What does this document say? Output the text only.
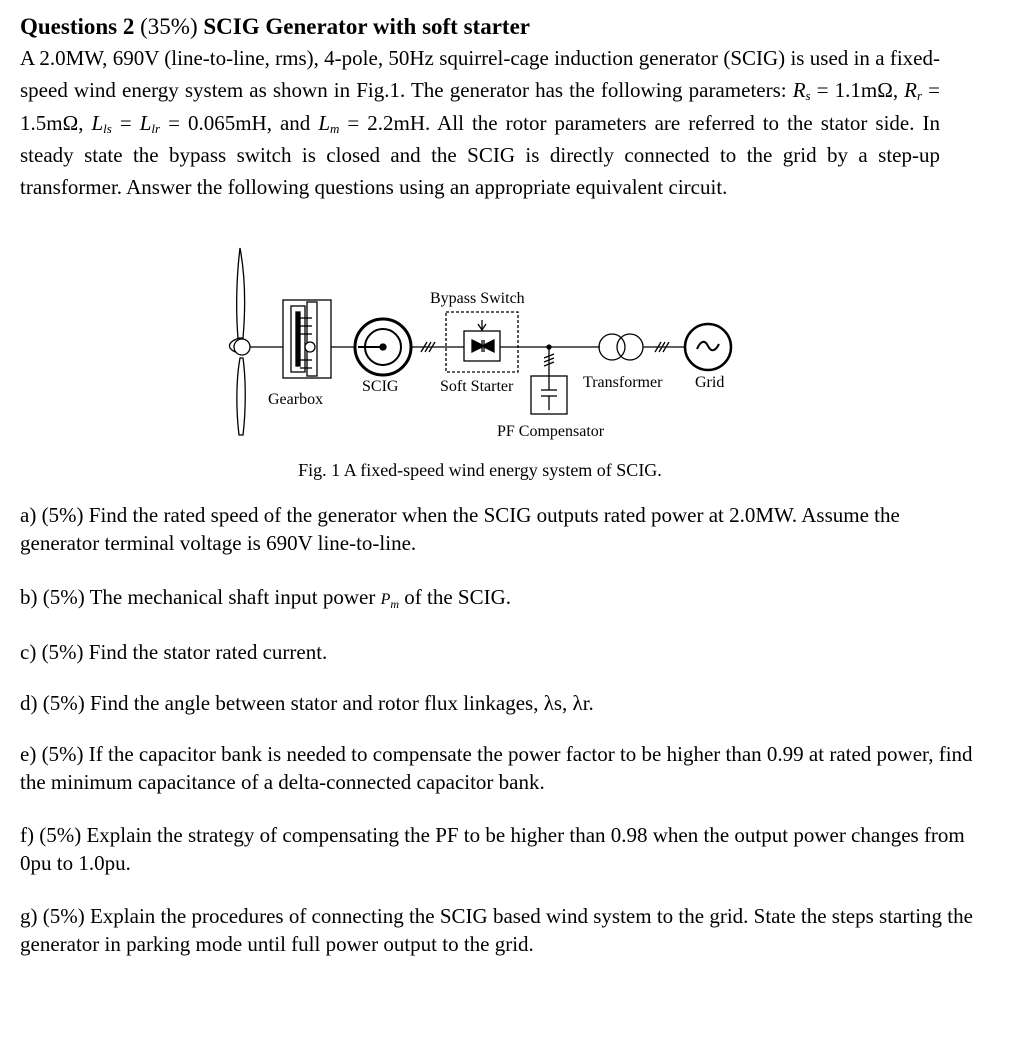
Questions 2 (35%) SCIG Generator with soft starter
A 2.0MW, 690V (line-to-line, rms), 4-pole, 50Hz squirrel-cage induction generator (SCIG) is used in a fixed-speed wind energy system as shown in Fig.1. The generator has the following parameters: $R_s = 1.1m\Omega$, $R_r = 1.5m\Omega$, $L_{ls} = L_{lr} = 0.065mH$, and $L_m = 2.2mH$. All the rotor parameters are referred to the stator side. In steady state the bypass switch is closed and the SCIG is directly connected to the grid by a step-up transformer. Answer the following questions using an appropriate equivalent circuit.
Bypass Switch
Gearbox
SCIG	Soft Starter	Transformer Grid
PF Compensator
Fig. 1 A fixed-speed wind energy system of SCIG.
a) (5%) Find the rated speed of the generator when the SCIG outputs rated power at 2.0MW. Assume the generator terminal voltage is 690V line-to-line.
b) (5%) The mechanical shaft input power $P_m$ of the SCIG.
c) (5%) Find the stator rated current.
d) (5%) Find the angle between stator and rotor flux linkages, λs, λr.
e) (5%) If the capacitor bank is needed to compensate the power factor to be higher than 0.99 at rated power, find the minimum capacitance of a delta-connected capacitor bank.
f) (5%) Explain the strategy of compensating the PF to be higher than 0.98 when the output power changes from 0pu to 1.0pu.
g) (5%) Explain the procedures of connecting the SCIG based wind system to the grid. State the steps starting the generator in parking mode until full power output to the grid.
